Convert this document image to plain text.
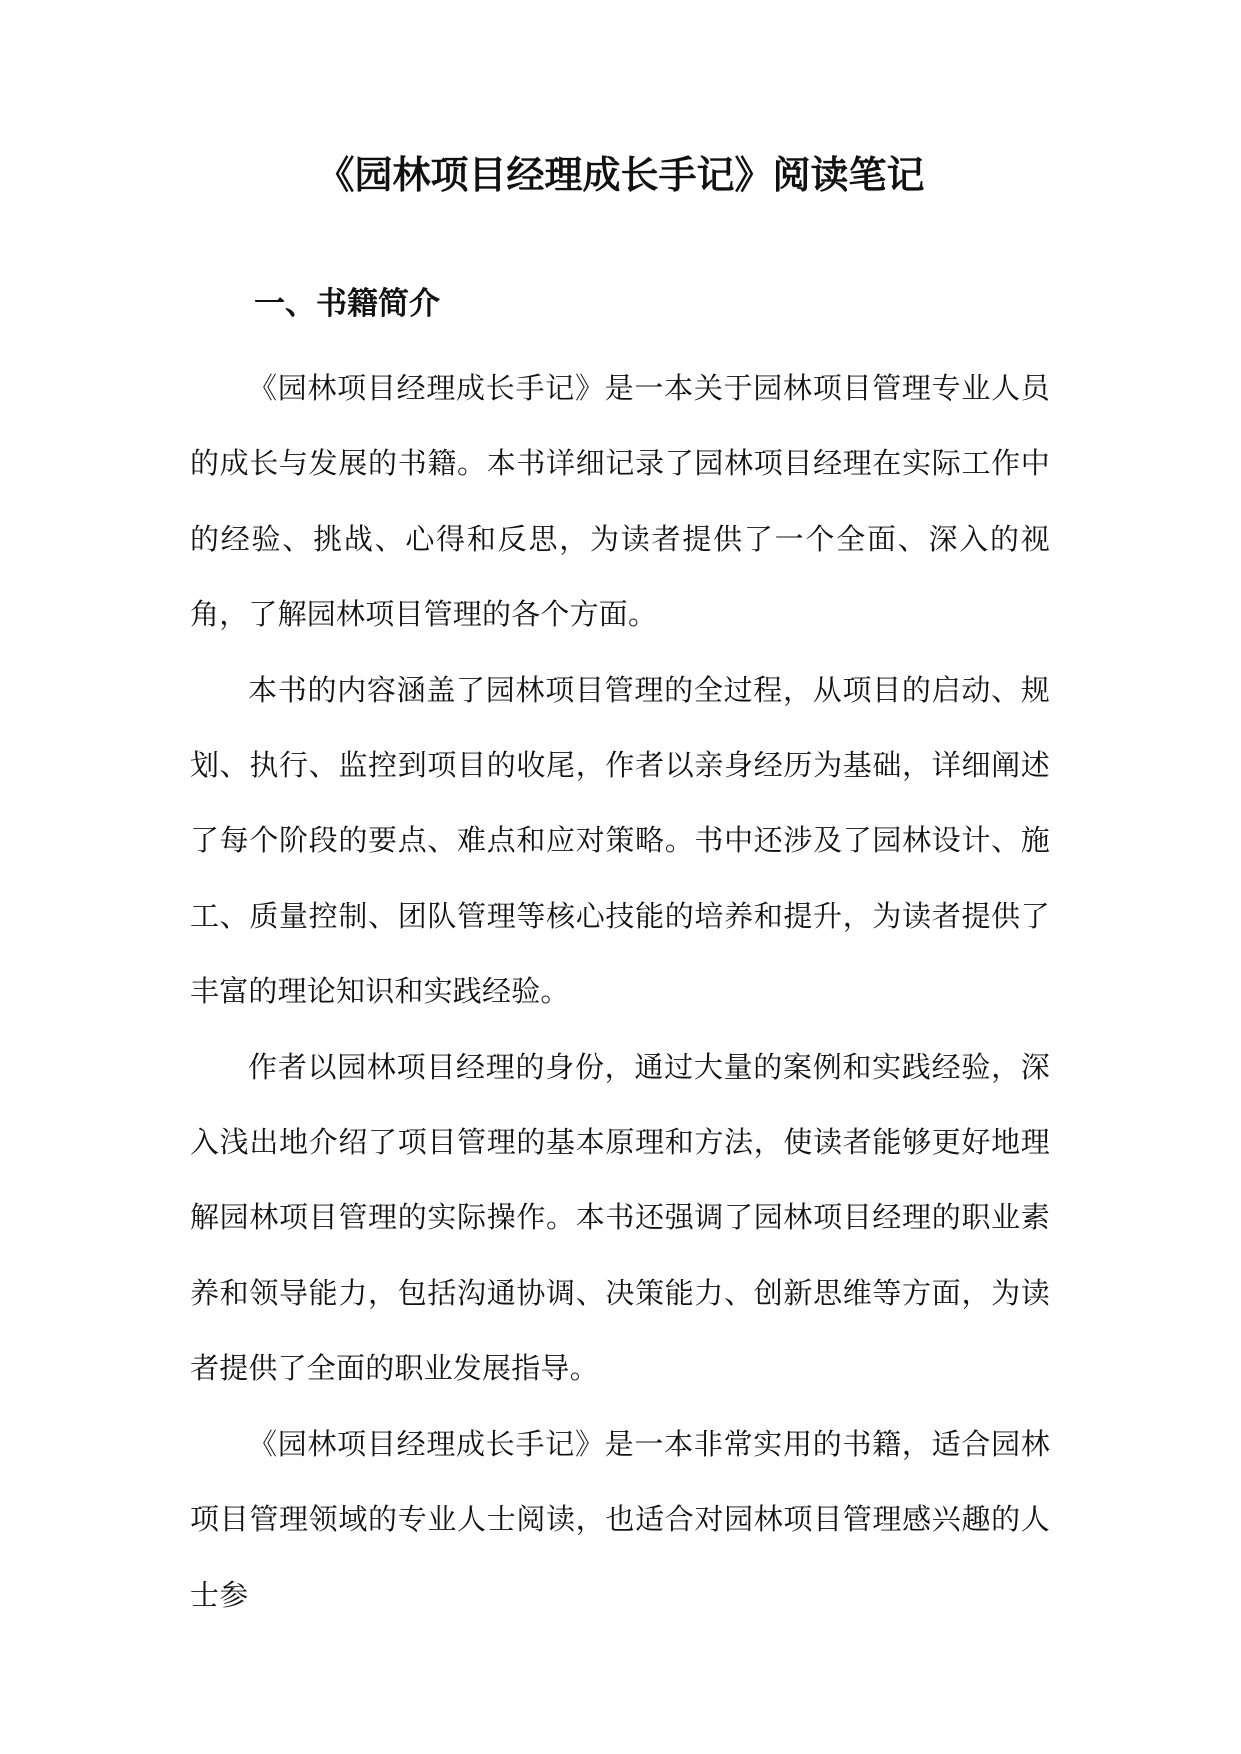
《园林项目经理成长手记》阅读笔记
一、书籍简介

《园林项目经理成长手记》是一本关于园林项目管理专业人员的成长与发展的书籍。本书详细记录了园林项目经理在实际工作中的经验、挑战、心得和反思，为读者提供了一个全面、深入的视角，了解园林项目管理的各个方面。

本书的内容涵盖了园林项目管理的全过程，从项目的启动、规划、执行、监控到项目的收尾，作者以亲身经历为基础，详细阐述了每个阶段的要点、难点和应对策略。书中还涉及了园林设计、施工、质量控制、团队管理等核心技能的培养和提升，为读者提供了丰富的理论知识和实践经验。

作者以园林项目经理的身份，通过大量的案例和实践经验，深入浅出地介绍了项目管理的基本原理和方法，使读者能够更好地理解园林项目管理的实际操作。本书还强调了园林项目经理的职业素养和领导能力，包括沟通协调、决策能力、创新思维等方面，为读者提供了全面的职业发展指导。

《园林项目经理成长手记》是一本非常实用的书籍，适合园林项目管理领域的专业人士阅读，也适合对园林项目管理感兴趣的人士参
